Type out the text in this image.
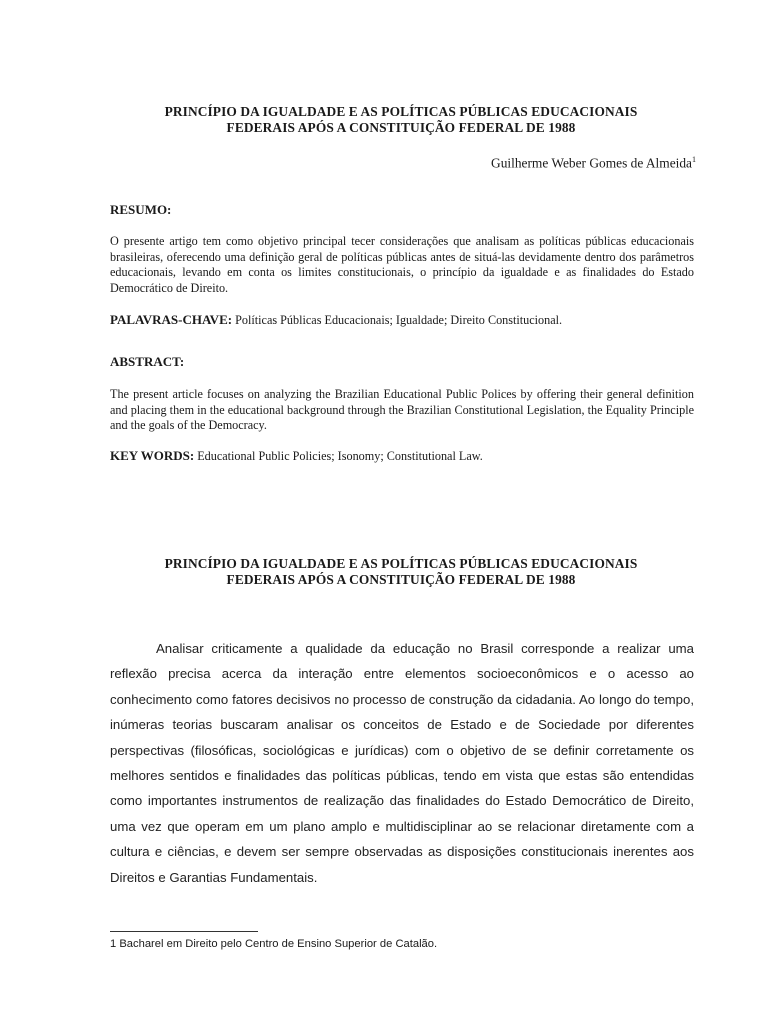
PRINCÍPIO DA IGUALDADE E AS POLÍTICAS PÚBLICAS EDUCACIONAIS
FEDERAIS APÓS A CONSTITUIÇÃO FEDERAL DE 1988
Guilherme Weber Gomes de Almeida$^1$
RESUMO:
O presente artigo tem como objetivo principal tecer considerações que analisam as políticas públicas educacionais brasileiras, oferecendo uma definição geral de políticas públicas antes de situá-las devidamente dentro dos parâmetros educacionais, levando em conta os limites constitucionais, o princípio da igualdade e as finalidades do Estado Democrático de Direito.
PALAVRAS-CHAVE: Políticas Públicas Educacionais; Igualdade; Direito Constitucional.
ABSTRACT:
The present article focuses on analyzing the Brazilian Educational Public Polices by offering their general definition and placing them in the educational background through the Brazilian Constitutional Legislation, the Equality Principle and the goals of the Democracy.
KEY WORDS: Educational Public Policies; Isonomy; Constitutional Law.
PRINCÍPIO DA IGUALDADE E AS POLÍTICAS PÚBLICAS EDUCACIONAIS
FEDERAIS APÓS A CONSTITUIÇÃO FEDERAL DE 1988
Analisar criticamente a qualidade da educação no Brasil corresponde a realizar uma reflexão precisa acerca da interação entre elementos socioeconômicos e o acesso ao conhecimento como fatores decisivos no processo de construção da cidadania. Ao longo do tempo, inúmeras teorias buscaram analisar os conceitos de Estado e de Sociedade por diferentes perspectivas (filosóficas, sociológicas e jurídicas) com o objetivo de se definir corretamente os melhores sentidos e finalidades das políticas públicas, tendo em vista que estas são entendidas como importantes instrumentos de realização das finalidades do Estado Democrático de Direito, uma vez que operam em um plano amplo e multidisciplinar ao se relacionar diretamente com a cultura e ciências, e devem ser sempre observadas as disposições constitucionais inerentes aos Direitos e Garantias Fundamentais.
1 Bacharel em Direito pelo Centro de Ensino Superior de Catalão.
